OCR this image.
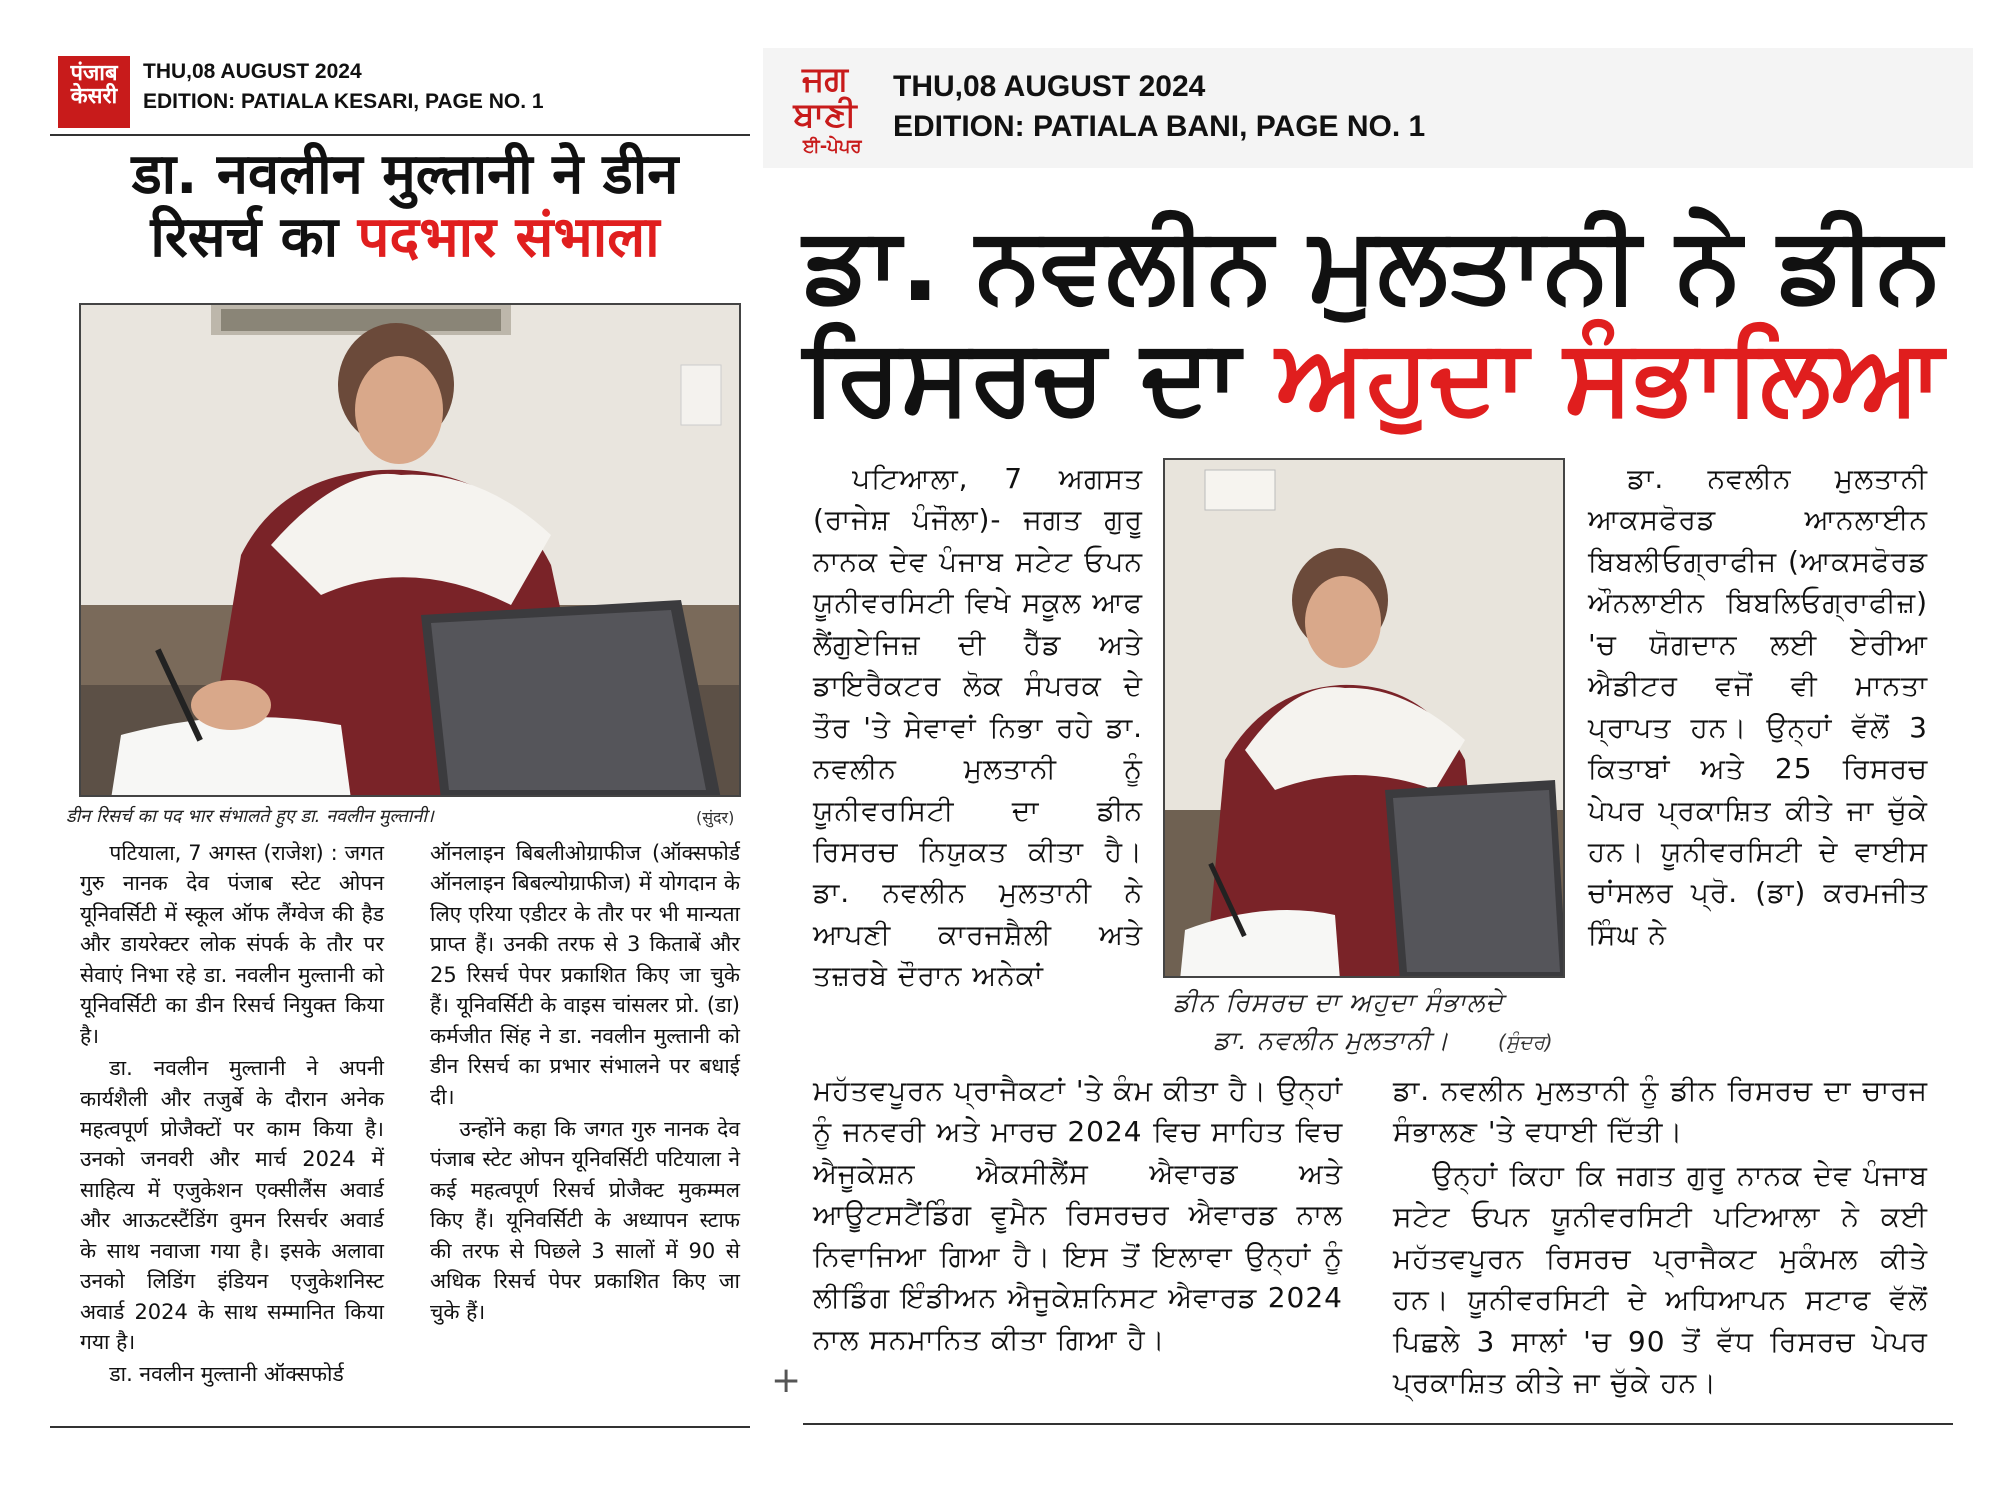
पंजाब
केसरी
THU,08 AUGUST 2024
EDITION: PATIALA KESARI, PAGE NO. 1
डा. नवलीन मुल्तानी ने डीन रिसर्च का पदभार संभाला
डीन रिसर्च का पद भार संभालते हुए डा. नवलीन मुल्तानी।	(सुंदर)

पटियाला, 7 अगस्त (राजेश) : जगत गुरु नानक देव पंजाब स्टेट ओपन यूनिवर्सिटी में स्कूल ऑफ लैंग्वेज की हैड और डायरेक्टर लोक संपर्क के तौर पर सेवाएं निभा रहे डा. नवलीन मुल्तानी को यूनिवर्सिटी का डीन रिसर्च नियुक्त किया है।

डा. नवलीन मुल्तानी ने अपनी कार्यशैली और तजुर्बे के दौरान अनेक महत्वपूर्ण प्रोजैक्टों पर काम किया है। उनको जनवरी और मार्च 2024 में साहित्य में एजुकेशन एक्सीलैंस अवार्ड और आऊटस्टैंडिंग वुमन रिसर्चर अवार्ड के साथ नवाजा गया है। इसके अलावा उनको लिडिंग इंडियन एजुकेशनिस्ट अवार्ड 2024 के साथ सम्मानित किया गया है।

डा. नवलीन मुल्तानी ऑक्सफोर्ड

ऑनलाइन बिबलीओग्राफीज (ऑक्सफोर्ड ऑनलाइन बिबल्योग्राफीज) में योगदान के लिए एरिया एडीटर के तौर पर भी मान्यता प्राप्त हैं। उनकी तरफ से 3 किताबें और 25 रिसर्च पेपर प्रकाशित किए जा चुके हैं। यूनिवर्सिटी के वाइस चांसलर प्रो. (डा) कर्मजीत सिंह ने डा. नवलीन मुल्तानी को डीन रिसर्च का प्रभार संभालने पर बधाई दी।

उन्होंने कहा कि जगत गुरु नानक देव पंजाब स्टेट ओपन यूनिवर्सिटी पटियाला ने कई महत्वपूर्ण रिसर्च प्रोजैक्ट मुकम्मल किए हैं। यूनिवर्सिटी के अध्यापन स्टाफ की तरफ से पिछले 3 सालों में 90 से अधिक रिसर्च पेपर प्रकाशित किए जा चुके हैं।

ਜਗ ਬਾਣੀ
ਈ-ਪੇਪਰ
THU,08 AUGUST 2024
EDITION: PATIALA BANI, PAGE NO. 1
ਡਾ. ਨਵਲੀਨ ਮੁਲਤਾਨੀ ਨੇ ਡੀਨ ਰਿਸਰਚ ਦਾ ਅਹੁਦਾ ਸੰਭਾਲਿਆ

ਪਟਿਆਲਾ, 7 ਅਗਸਤ (ਰਾਜੇਸ਼ ਪੰਜੌਲਾ)- ਜਗਤ ਗੁਰੂ ਨਾਨਕ ਦੇਵ ਪੰਜਾਬ ਸਟੇਟ ਓਪਨ ਯੂਨੀਵਰਸਿਟੀ ਵਿਖੇ ਸਕੂਲ ਆਫ ਲੈਂਗੁਏਜਿਜ਼ ਦੀ ਹੈੱਡ ਅਤੇ ਡਾਇਰੈਕਟਰ ਲੋਕ ਸੰਪਰਕ ਦੇ ਤੌਰ 'ਤੇ ਸੇਵਾਵਾਂ ਨਿਭਾ ਰਹੇ ਡਾ. ਨਵਲੀਨ ਮੁਲਤਾਨੀ ਨੂੰ ਯੂਨੀਵਰਸਿਟੀ ਦਾ ਡੀਨ ਰਿਸਰਚ ਨਿਯੁਕਤ ਕੀਤਾ ਹੈ। ਡਾ. ਨਵਲੀਨ ਮੁਲਤਾਨੀ ਨੇ ਆਪਣੀ ਕਾਰਜਸ਼ੈਲੀ ਅਤੇ ਤਜ਼ਰਬੇ ਦੌਰਾਨ ਅਨੇਕਾਂ

ਡੀਨ ਰਿਸਰਚ ਦਾ ਅਹੁਦਾ ਸੰਭਾਲਦੇ
ਡਾ. ਨਵਲੀਨ ਮੁਲਤਾਨੀ। (ਸੁੰਦਰ)

ਡਾ. ਨਵਲੀਨ ਮੁਲਤਾਨੀ ਆਕਸਫੋਰਡ ਆਨਲਾਈਨ ਬਿਬਲੀਓਗ੍ਰਾਫੀਜ (ਆਕਸਫੋਰਡ ਔਨਲਾਈਨ ਬਿਬਲਿਓਗ੍ਰਾਫੀਜ਼) 'ਚ ਯੋਗਦਾਨ ਲਈ ਏਰੀਆ ਐਡੀਟਰ ਵਜੋਂ ਵੀ ਮਾਨਤਾ ਪ੍ਰਾਪਤ ਹਨ। ਉਨ੍ਹਾਂ ਵੱਲੋਂ 3 ਕਿਤਾਬਾਂ ਅਤੇ 25 ਰਿਸਰਚ ਪੇਪਰ ਪ੍ਰਕਾਸ਼ਿਤ ਕੀਤੇ ਜਾ ਚੁੱਕੇ ਹਨ। ਯੂਨੀਵਰਸਿਟੀ ਦੇ ਵਾਈਸ ਚਾਂਸਲਰ ਪ੍ਰੋ. (ਡਾ) ਕਰਮਜੀਤ ਸਿੰਘ ਨੇ

ਮਹੱਤਵਪੂਰਨ ਪ੍ਰਾਜੈਕਟਾਂ 'ਤੇ ਕੰਮ ਕੀਤਾ ਹੈ। ਉਨ੍ਹਾਂ ਨੂੰ ਜਨਵਰੀ ਅਤੇ ਮਾਰਚ 2024 ਵਿਚ ਸਾਹਿਤ ਵਿਚ ਐਜੂਕੇਸ਼ਨ ਐਕਸੀਲੈਂਸ ਐਵਾਰਡ ਅਤੇ ਆਊਟਸਟੈਂਡਿੰਗ ਵੂਮੈਨ ਰਿਸਰਚਰ ਐਵਾਰਡ ਨਾਲ ਨਿਵਾਜਿਆ ਗਿਆ ਹੈ। ਇਸ ਤੋਂ ਇਲਾਵਾ ਉਨ੍ਹਾਂ ਨੂੰ ਲੀਡਿੰਗ ਇੰਡੀਅਨ ਐਜੂਕੇਸ਼ਨਿਸਟ ਐਵਾਰਡ 2024 ਨਾਲ ਸਨਮਾਨਿਤ ਕੀਤਾ ਗਿਆ ਹੈ।

ਡਾ. ਨਵਲੀਨ ਮੁਲਤਾਨੀ ਨੂੰ ਡੀਨ ਰਿਸਰਚ ਦਾ ਚਾਰਜ ਸੰਭਾਲਣ 'ਤੇ ਵਧਾਈ ਦਿੱਤੀ।

ਉਨ੍ਹਾਂ ਕਿਹਾ ਕਿ ਜਗਤ ਗੁਰੂ ਨਾਨਕ ਦੇਵ ਪੰਜਾਬ ਸਟੇਟ ਓਪਨ ਯੂਨੀਵਰਸਿਟੀ ਪਟਿਆਲਾ ਨੇ ਕਈ ਮਹੱਤਵਪੂਰਨ ਰਿਸਰਚ ਪ੍ਰਾਜੈਕਟ ਮੁਕੰਮਲ ਕੀਤੇ ਹਨ। ਯੂਨੀਵਰਸਿਟੀ ਦੇ ਅਧਿਆਪਨ ਸਟਾਫ ਵੱਲੋਂ ਪਿਛਲੇ 3 ਸਾਲਾਂ 'ਚ 90 ਤੋਂ ਵੱਧ ਰਿਸਰਚ ਪੇਪਰ ਪ੍ਰਕਾਸ਼ਿਤ ਕੀਤੇ ਜਾ ਚੁੱਕੇ ਹਨ।

+
